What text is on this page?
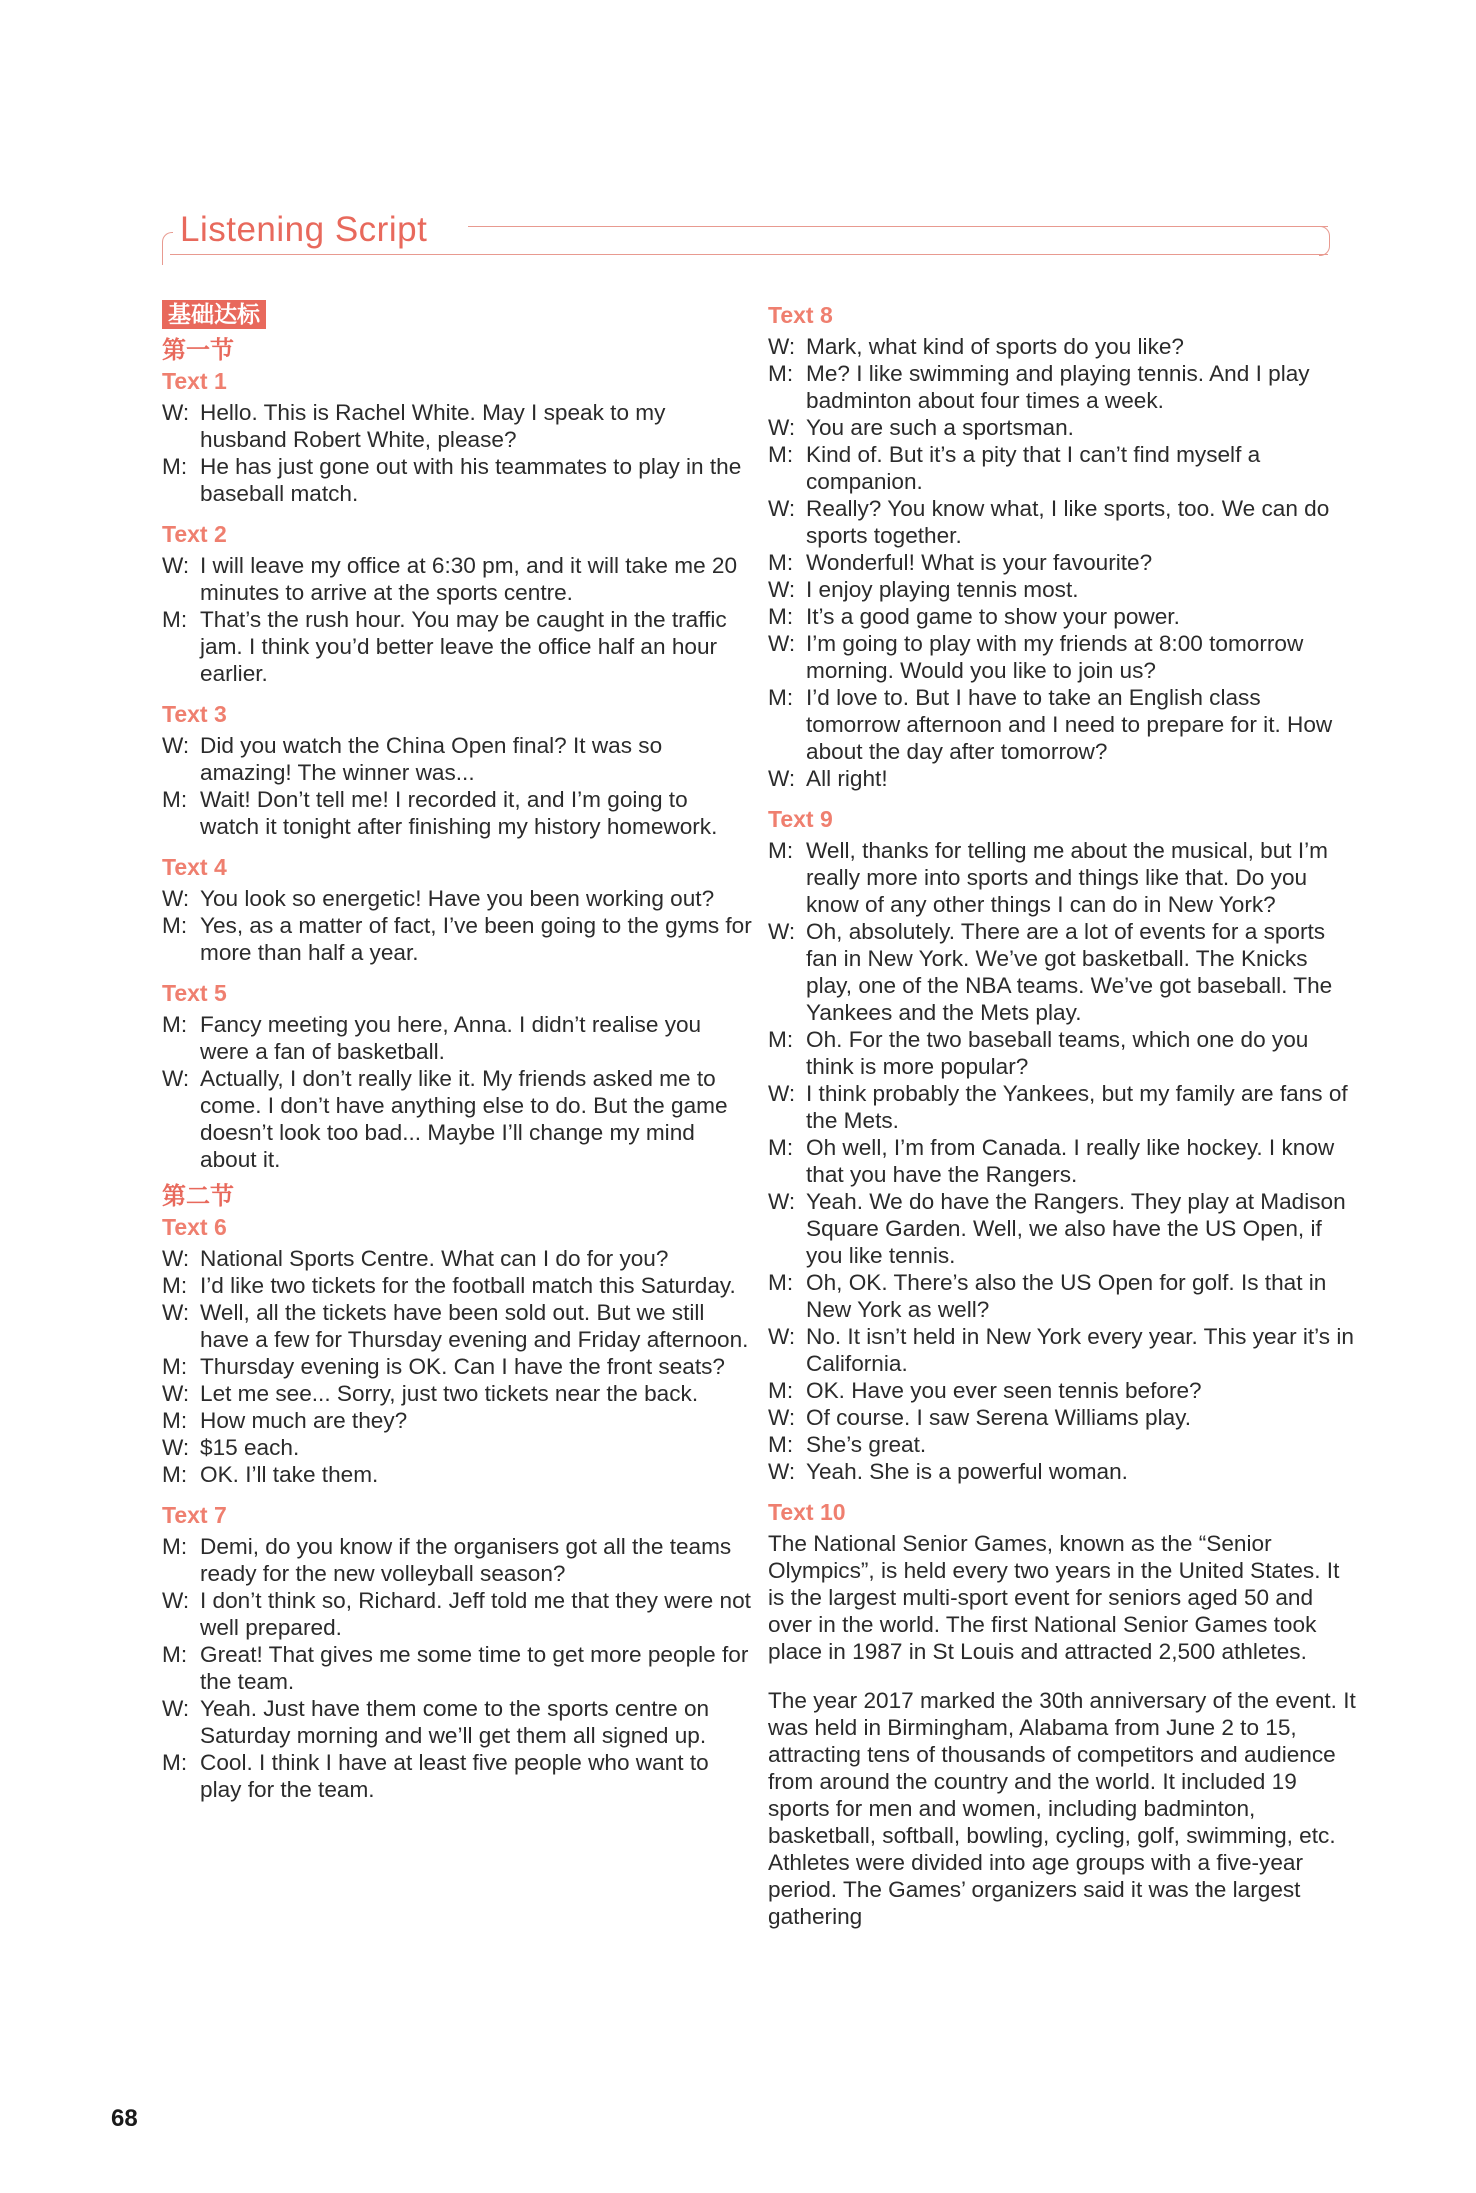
Listening Script
基础达标
第一节
Text 1
W: Hello. This is Rachel White. May I speak to my husband Robert White, please?
M: He has just gone out with his teammates to play in the baseball match.
Text 2
W: I will leave my office at 6:30 pm, and it will take me 20 minutes to arrive at the sports centre.
M: That’s the rush hour. You may be caught in the traffic jam. I think you’d better leave the office half an hour earlier.
Text 3
W: Did you watch the China Open final? It was so amazing! The winner was...
M: Wait! Don’t tell me! I recorded it, and I’m going to watch it tonight after finishing my history homework.
Text 4
W: You look so energetic! Have you been working out?
M: Yes, as a matter of fact, I’ve been going to the gyms for more than half a year.
Text 5
M: Fancy meeting you here, Anna. I didn’t realise you were a fan of basketball.
W: Actually, I don’t really like it. My friends asked me to come. I don’t have anything else to do. But the game doesn’t look too bad... Maybe I’ll change my mind about it.
第二节
Text 6
W: National Sports Centre. What can I do for you?
M: I’d like two tickets for the football match this Saturday.
W: Well, all the tickets have been sold out. But we still have a few for Thursday evening and Friday afternoon.
M: Thursday evening is OK. Can I have the front seats?
W: Let me see... Sorry, just two tickets near the back.
M: How much are they?
W: $15 each.
M: OK. I’ll take them.
Text 7
M: Demi, do you know if the organisers got all the teams ready for the new volleyball season?
W: I don’t think so, Richard. Jeff told me that they were not well prepared.
M: Great! That gives me some time to get more people for the team.
W: Yeah. Just have them come to the sports centre on Saturday morning and we’ll get them all signed up.
M: Cool. I think I have at least five people who want to play for the team.
Text 8
W: Mark, what kind of sports do you like?
M: Me? I like swimming and playing tennis. And I play badminton about four times a week.
W: You are such a sportsman.
M: Kind of. But it’s a pity that I can’t find myself a companion.
W: Really? You know what, I like sports, too. We can do sports together.
M: Wonderful! What is your favourite?
W: I enjoy playing tennis most.
M: It’s a good game to show your power.
W: I’m going to play with my friends at 8:00 tomorrow morning. Would you like to join us?
M: I’d love to. But I have to take an English class tomorrow afternoon and I need to prepare for it. How about the day after tomorrow?
W: All right!
Text 9
M: Well, thanks for telling me about the musical, but I’m really more into sports and things like that. Do you know of any other things I can do in New York?
W: Oh, absolutely. There are a lot of events for a sports fan in New York. We’ve got basketball. The Knicks play, one of the NBA teams. We’ve got baseball. The Yankees and the Mets play.
M: Oh. For the two baseball teams, which one do you think is more popular?
W: I think probably the Yankees, but my family are fans of the Mets.
M: Oh well, I’m from Canada. I really like hockey. I know that you have the Rangers.
W: Yeah. We do have the Rangers. They play at Madison Square Garden. Well, we also have the US Open, if you like tennis.
M: Oh, OK. There’s also the US Open for golf. Is that in New York as well?
W: No. It isn’t held in New York every year. This year it’s in California.
M: OK. Have you ever seen tennis before?
W: Of course. I saw Serena Williams play.
M: She’s great.
W: Yeah. She is a powerful woman.
Text 10

The National Senior Games, known as the “Senior Olympics”, is held every two years in the United States. It is the largest multi-sport event for seniors aged 50 and over in the world. The first National Senior Games took place in 1987 in St Louis and attracted 2,500 athletes.

The year 2017 marked the 30th anniversary of the event. It was held in Birmingham, Alabama from June 2 to 15, attracting tens of thousands of competitors and audience from around the country and the world. It included 19 sports for men and women, including badminton, basketball, softball, bowling, cycling, golf, swimming, etc. Athletes were divided into age groups with a five-year period. The Games’ organizers said it was the largest gathering

68
